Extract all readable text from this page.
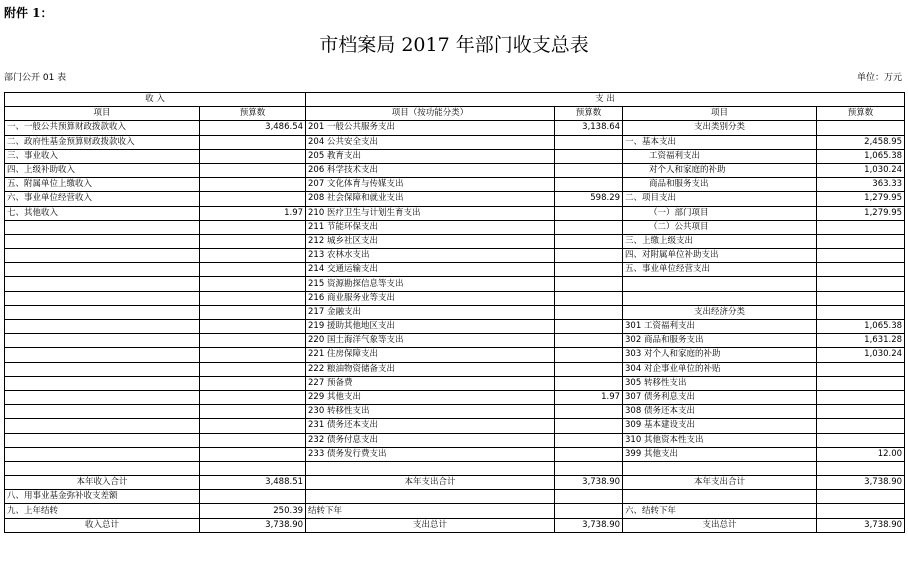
附件 1：
市档案局 2017 年部门收支总表
部门公开 01 表	单位：万元
收 入		支 出			
项目	预算数	项目（按功能分类）	预算数	项目	预算数
一、一般公共预算财政拨款收入	3,486.54	201 一般公共服务支出	3,138.64	支出类别分类	
二、政府性基金预算财政拨款收入		204 公共安全支出		一、基本支出	2,458.95
三、事业收入		205 教育支出		工资福利支出	1,065.38
四、上级补助收入		206 科学技术支出		对个人和家庭的补助	1,030.24
五、附属单位上缴收入		207 文化体育与传媒支出		商品和服务支出	363.33
六、事业单位经营收入		208 社会保障和就业支出	598.29	二、项目支出	1,279.95
七、其他收入	1.97	210 医疗卫生与计划生育支出		（一）部门项目	1,279.95
		211 节能环保支出		（二）公共项目	
		212 城乡社区支出		三、上缴上级支出	
		213 农林水支出		四、对附属单位补助支出	
		214 交通运输支出		五、事业单位经营支出	
		215 资源勘探信息等支出			
		216 商业服务业等支出			
		217 金融支出		支出经济分类	
		219 援助其他地区支出		301 工资福利支出	1,065.38
		220 国土海洋气象等支出		302 商品和服务支出	1,631.28
		221 住房保障支出		303 对个人和家庭的补助	1,030.24
		222 粮油物资储备支出		304 对企事业单位的补贴	
		227 预备费		305 转移性支出	
		229 其他支出	1.97	307 债务利息支出	
		230 转移性支出		308 债务还本支出	
		231 债务还本支出		309 基本建设支出	
		232 债务付息支出		310 其他资本性支出	
		233 债务发行费支出		399 其他支出	12.00

本年收入合计	3,488.51	本年支出合计	3,738.90	本年支出合计	3,738.90
八、用事业基金弥补收支差额					
九、上年结转	250.39	结转下年		六、结转下年	
收入总计	3,738.90	支出总计	3,738.90	支出总计	3,738.90
